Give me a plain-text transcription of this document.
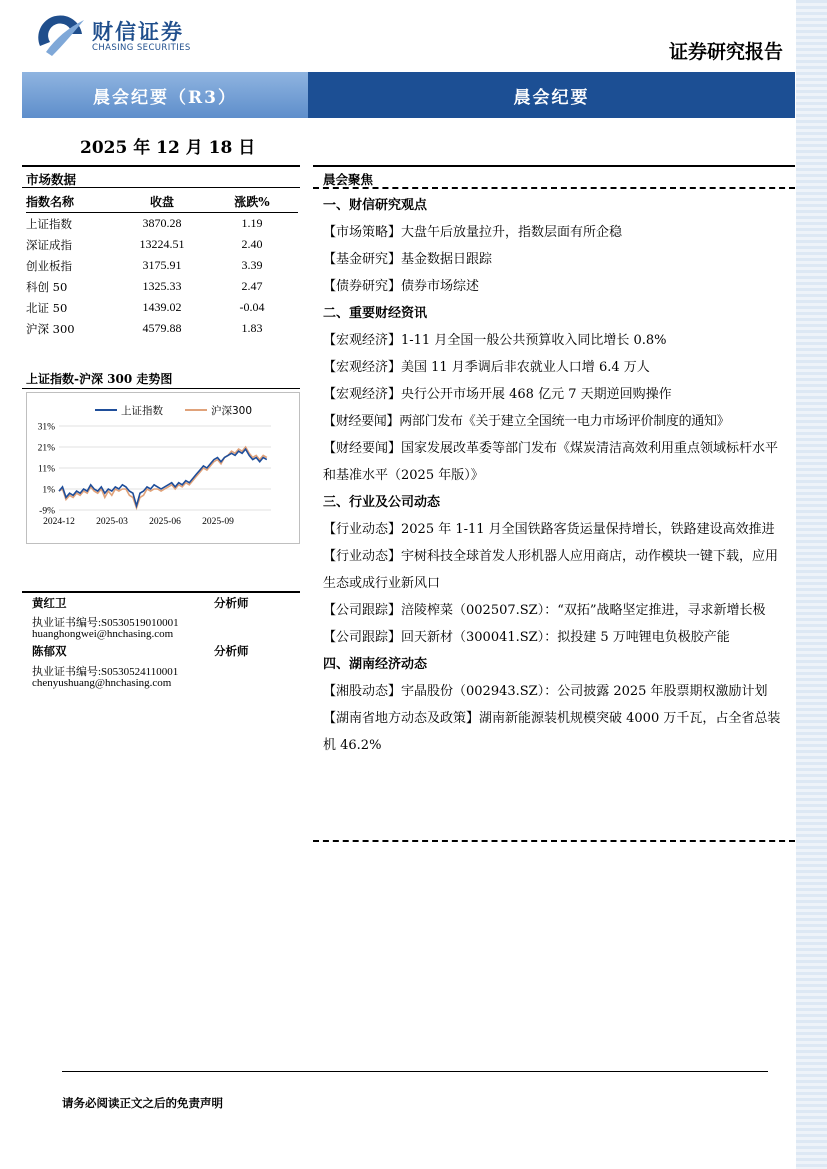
财信证券
CHASING SECURITIES	证券研究报告
晨会纪要（R3）	晨会纪要
2025 年 12 月 18 日
市场数据
指数名称	收盘	涨跌%
上证指数	3870.28	1.19
深证成指	13224.51	2.40
创业板指	3175.91	3.39
科创 50	1325.33	2.47
北证 50	1439.02	-0.04
沪深 300	4579.88	1.83
上证指数-沪深 300 走势图
31%
21%
11%
1%
-9%
2024-12 2025-03 2025-06 2025-09
上证指数	沪深300
黄红卫	分析师
执业证书编号:S0530519010001
huanghongwei@hnchasing.com
陈郁双	分析师
执业证书编号:S0530524110001
chenyushuang@hnchasing.com
晨会聚焦
一、财信研究观点
【市场策略】大盘午后放量拉升，指数层面有所企稳
【基金研究】基金数据日跟踪
【债券研究】债券市场综述
二、重要财经资讯
【宏观经济】1-11 月全国一般公共预算收入同比增长 0.8%
【宏观经济】美国 11 月季调后非农就业人口增 6.4 万人
【宏观经济】央行公开市场开展 468 亿元 7 天期逆回购操作
【财经要闻】两部门发布《关于建立全国统一电力市场评价制度的通知》
【财经要闻】国家发展改革委等部门发布《煤炭清洁高效利用重点领域标杆水平和基准水平（2025 年版）》
三、行业及公司动态
【行业动态】2025 年 1-11 月全国铁路客货运量保持增长，铁路建设高效推进
【行业动态】宇树科技全球首发人形机器人应用商店，动作模块一键下载，应用生态或成行业新风口
【公司跟踪】涪陵榨菜（002507.SZ）：“双拓”战略坚定推进，寻求新增长极
【公司跟踪】回天新材（300041.SZ）：拟投建 5 万吨锂电负极胶产能
四、湖南经济动态
【湘股动态】宇晶股份（002943.SZ）：公司披露 2025 年股票期权激励计划
【湖南省地方动态及政策】湖南新能源装机规模突破 4000 万千瓦，占全省总装机 46.2%
请务必阅读正文之后的免责声明
